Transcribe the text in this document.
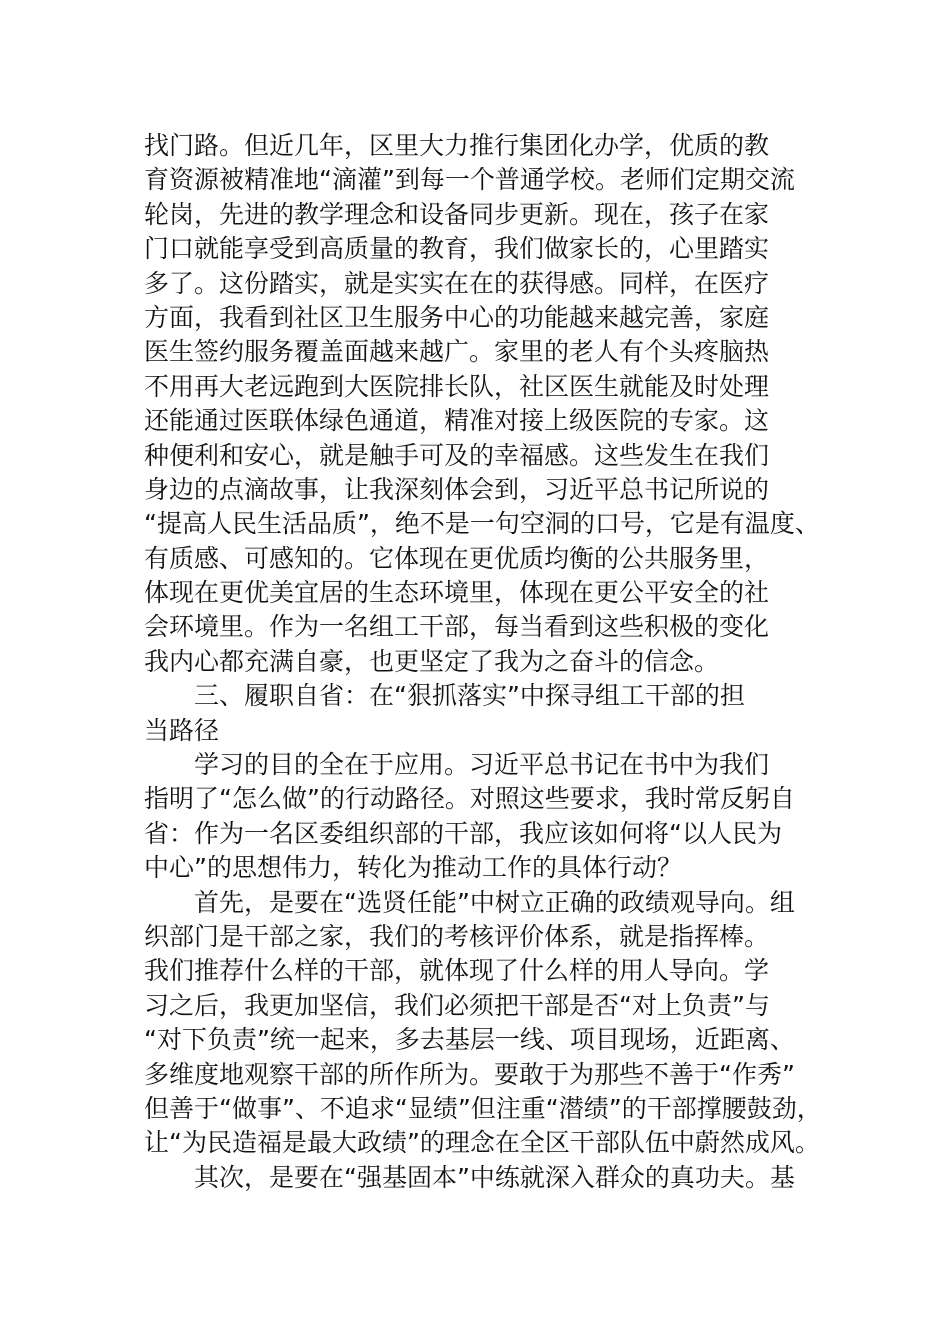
找门路。但近几年，区里大力推行集团化办学，优质的教
育资源被精准地“滴灌”到每一个普通学校。老师们定期交流
轮岗，先进的教学理念和设备同步更新。现在，孩子在家
门口就能享受到高质量的教育，我们做家长的，心里踏实
多了。这份踏实，就是实实在在的获得感。同样，在医疗
方面，我看到社区卫生服务中心的功能越来越完善，家庭
医生签约服务覆盖面越来越广。家里的老人有个头疼脑热
不用再大老远跑到大医院排长队，社区医生就能及时处理
还能通过医联体绿色通道，精准对接上级医院的专家。这
种便利和安心，就是触手可及的幸福感。这些发生在我们
身边的点滴故事，让我深刻体会到，习近平总书记所说的
“提高人民生活品质”，绝不是一句空洞的口号，它是有温度、
有质感、可感知的。它体现在更优质均衡的公共服务里，
体现在更优美宜居的生态环境里，体现在更公平安全的社
会环境里。作为一名组工干部，每当看到这些积极的变化
我内心都充满自豪，也更坚定了我为之奋斗的信念。
三、履职自省：在“狠抓落实”中探寻组工干部的担
当路径
学习的目的全在于应用。习近平总书记在书中为我们
指明了“怎么做”的行动路径。对照这些要求，我时常反躬自
省：作为一名区委组织部的干部，我应该如何将“以人民为
中心”的思想伟力，转化为推动工作的具体行动？
首先，是要在“选贤任能”中树立正确的政绩观导向。组
织部门是干部之家，我们的考核评价体系，就是指挥棒。
我们推荐什么样的干部，就体现了什么样的用人导向。学
习之后，我更加坚信，我们必须把干部是否“对上负责”与
“对下负责”统一起来，多去基层一线、项目现场，近距离、
多维度地观察干部的所作所为。要敢于为那些不善于“作秀”
但善于“做事”、不追求“显绩”但注重“潜绩”的干部撑腰鼓劲，
让“为民造福是最大政绩”的理念在全区干部队伍中蔚然成风。
其次，是要在“强基固本”中练就深入群众的真功夫。基
